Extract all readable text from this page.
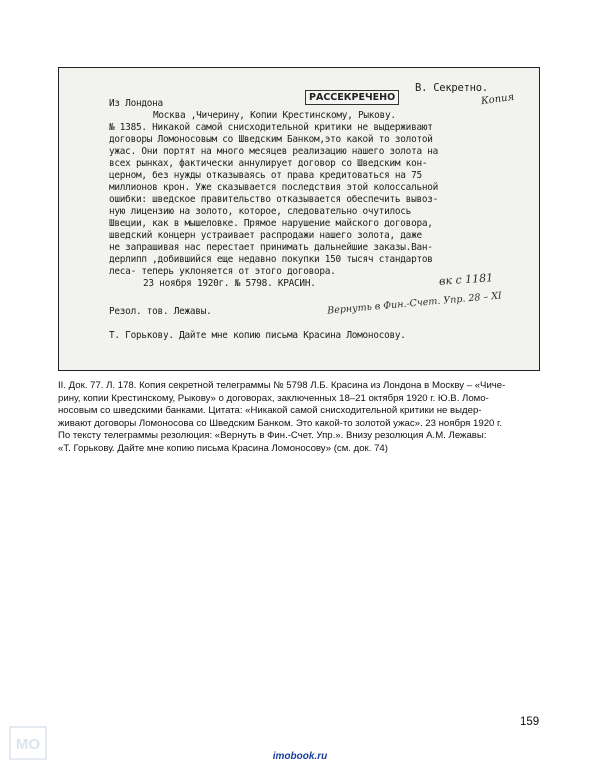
В. Секретно.
РАССЕКРЕЧЕНО	Копия
Из Лондона
Москва ,Чичерину, Копии Крестинскому, Рыкову.
№ 1385. Никакой самой снисходительной критики не выдерживают
договоры Ломоносовым со Шведским Банком,это какой то золотой
ужас. Они портят на много месяцев реализацию нашего золота на
всех рынках, фактически аннулирует договор со Шведским кон-
церном, без нужды отказываясь от права кредитоваться на 75
миллионов крон. Уже сказывается последствия этой колоссальной
ошибки: шведское правительство отказывается обеспечить вывоз-
ную лицензию на золото, которое, следовательно очутилось
Швеции, как в мышеловке. Прямое нарушение майского договора,
шведский концерн устраивает распродажи нашего золота, даже
не запрашивая нас перестает принимать дальнейшие заказы.Ван-
дерлипп ,добившийся еще недавно покупки 150 тысяч стандартов
леса- теперь уклоняется от этого договора.
23 ноября 1920г. № 5798. КРАСИН.	вк с 1181
Резол. тов. Лежавы.	Вернуть в Фин.-Счет. Упр. 28 – XI
Т. Горькову. Дайте мне копию письма Красина Ломоносову.
II. Док. 77. Л. 178. Копия секретной телеграммы № 5798 Л.Б. Красина из Лондона в Москву – «Чиче-
рину, копии Крестинскому, Рыкову» о договорах, заключенных 18–21 октября 1920 г. Ю.В. Ломо-
носовым со шведскими банками. Цитата: «Никакой самой снисходительной критики не выдер-
живают договоры Ломоносова со Шведским Банком. Это какой-то золотой ужас». 23 ноября 1920 г.
По тексту телеграммы резолюция: «Вернуть в Фин.-Счет. Упр.». Внизу резолюция А.М. Лежавы:
«Т. Горькову. Дайте мне копию письма Красина Ломоносову» (см. док. 74)
159
МО
imobook.ru
